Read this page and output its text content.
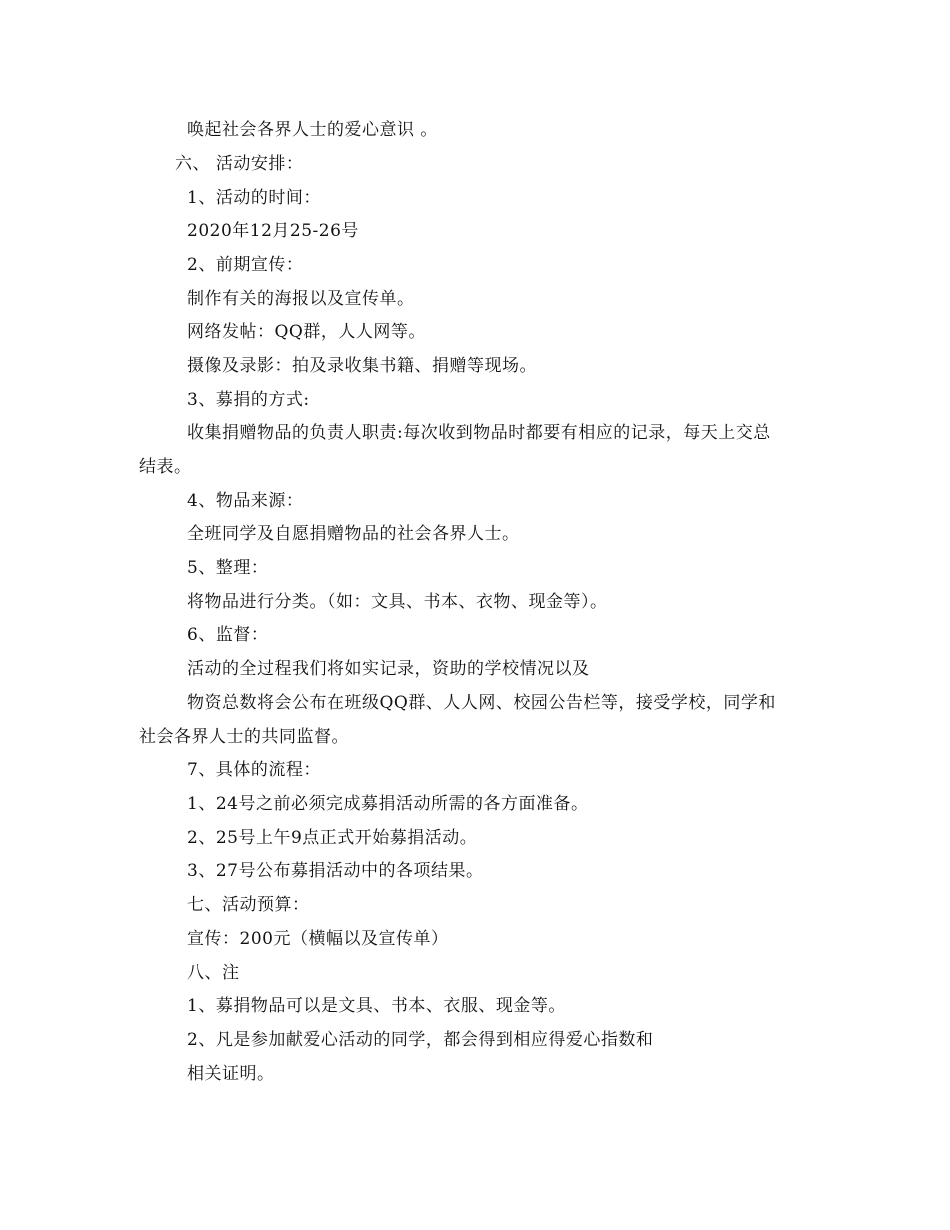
唤起社会各界人士的爱心意识 。
六、 活动安排：
1、活动的时间：
2020年12月25-26号
2、前期宣传：
制作有关的海报以及宣传单。
网络发帖：QQ群，人人网等。
摄像及录影：拍及录收集书籍、捐赠等现场。
3、募捐的方式:
收集捐赠物品的负责人职责:每次收到物品时都要有相应的记录，每天上交总
结表。
4、物品来源：
全班同学及自愿捐赠物品的社会各界人士。
5、整理：
将物品进行分类。（如：文具、书本、衣物、现金等）。
6、监督：
活动的全过程我们将如实记录，资助的学校情况以及
物资总数将会公布在班级QQ群、人人网、校园公告栏等，接受学校，同学和
社会各界人士的共同监督。
7、具体的流程：
1、24号之前必须完成募捐活动所需的各方面准备。
2、25号上午9点正式开始募捐活动。
3、27号公布募捐活动中的各项结果。
七、活动预算：
宣传：200元（横幅以及宣传单）
八、注
1、募捐物品可以是文具、书本、衣服、现金等。
2、凡是参加献爱心活动的同学，都会得到相应得爱心指数和
相关证明。
